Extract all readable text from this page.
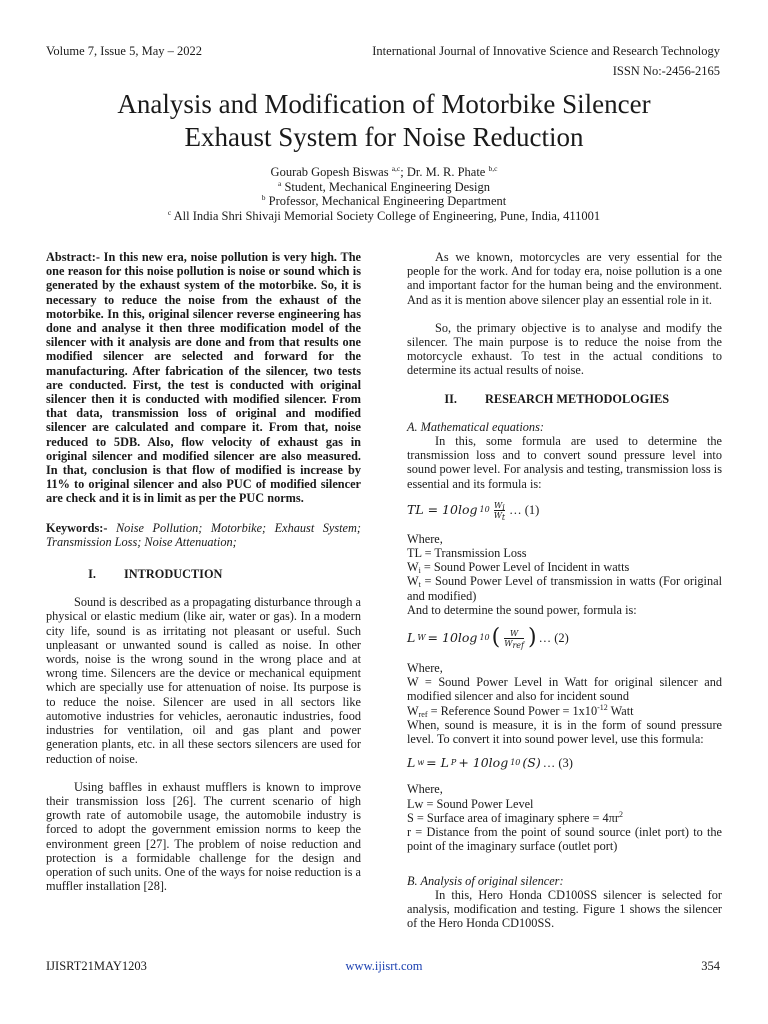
Volume 7, Issue 5, May – 2022	International Journal of Innovative Science and Research Technology
ISSN No:-2456-2165
Analysis and Modification of Motorbike Silencer
Exhaust System for Noise Reduction
Gourab Gopesh Biswas $^{a,c}$; Dr. M. R. Phate $^{b,c}$
$^a$ Student, Mechanical Engineering Design
$^b$ Professor, Mechanical Engineering Department
$^c$ All India Shri Shivaji Memorial Society College of Engineering, Pune, India, 411001

Abstract:- In this new era, noise pollution is very high. The one reason for this noise pollution is noise or sound which is generated by the exhaust system of the motorbike. So, it is necessary to reduce the noise from the exhaust of the motorbike. In this, original silencer reverse engineering has done and analyse it then three modification model of the silencer with it analysis are done and from that results one modified silencer are selected and forward for the manufacturing. After fabrication of the silencer, two tests are conducted. First, the test is conducted with original silencer then it is conducted with modified silencer. From that data, transmission loss of original and modified silencer are calculated and compare it. From that, noise reduced to 5DB. Also, flow velocity of exhaust gas in original silencer and modified silencer are also measured. In that, conclusion is that flow of modified is increase by 11% to original silencer and also PUC of modified silencer are check and it is in limit as per the PUC norms.

Keywords:- Noise Pollution; Motorbike; Exhaust System; Transmission Loss; Noise Attenuation;

I.	INTRODUCTION

Sound is described as a propagating disturbance through a physical or elastic medium (like air, water or gas). In a modern city life, sound is as irritating not pleasant or useful. Such unpleasant or unwanted sound is called as noise. In other words, noise is the wrong sound in the wrong place and at wrong time. Silencers are the device or mechanical equipment which are specially use for attenuation of noise. Its purpose is to reduce the noise. Silencer are used in all sectors like automotive industries for vehicles, aeronautic industries, food industries for ventilation, oil and gas plant and power generation plants, etc. in all these sectors silencers are used for reduction of noise.

Using baffles in exhaust mufflers is known to improve their transmission loss [26]. The current scenario of high growth rate of automobile usage, the automobile industry is forced to adopt the government emission norms to keep the environment green [27]. The problem of noise reduction and protection is a formidable challenge for the design and operation of such units. One of the ways for noise reduction is a muffler installation [28].

As we known, motorcycles are very essential for the people for the work. And for today era, noise pollution is a one and important factor for the human being and the environment. And as it is mention above silencer play an essential role in it.

So, the primary objective is to analyse and modify the silencer. The main purpose is to reduce the noise from the motorcycle exhaust. To test in the actual conditions to determine its actual results of noise.

II.	RESEARCH METHODOLOGIES

A. Mathematical equations:

In this, some formula are used to determine the transmission loss and to convert sound pressure level into sound power level. For analysis and testing, transmission loss is essential and its formula is:

TL = 10log $10 \frac{W_i}{W_t}$ … (1)

Where,

TL = Transmission Loss

$W_i$ = Sound Power Level of Incident in watts

$W_t$ = Sound Power Level of transmission in watts (For original and modified)

And to determine the sound power, formula is:

L W = 10log 10 ( $\frac{W}{W_{ref}}$ ) … (2)

Where,

W = Sound Power Level in Watt for original silencer and modified silencer and also for incident sound

$W_{ref}$ = Reference Sound Power = $1x10^{-12}$ Watt

When, sound is measure, it is in the form of sound pressure level. To convert it into sound power level, use this formula:

L w = L P + 10log 10 (S) … (3)

Where,

Lw = Sound Power Level

S = Surface area of imaginary sphere = $4\pi r^2$

r = Distance from the point of sound source (inlet port) to the point of the imaginary surface (outlet port)

B. Analysis of original silencer:

In this, Hero Honda CD100SS silencer is selected for analysis, modification and testing. Figure 1 shows the silencer of the Hero Honda CD100SS.

IJISRT21MAY1203	www.ijisrt.com	354
